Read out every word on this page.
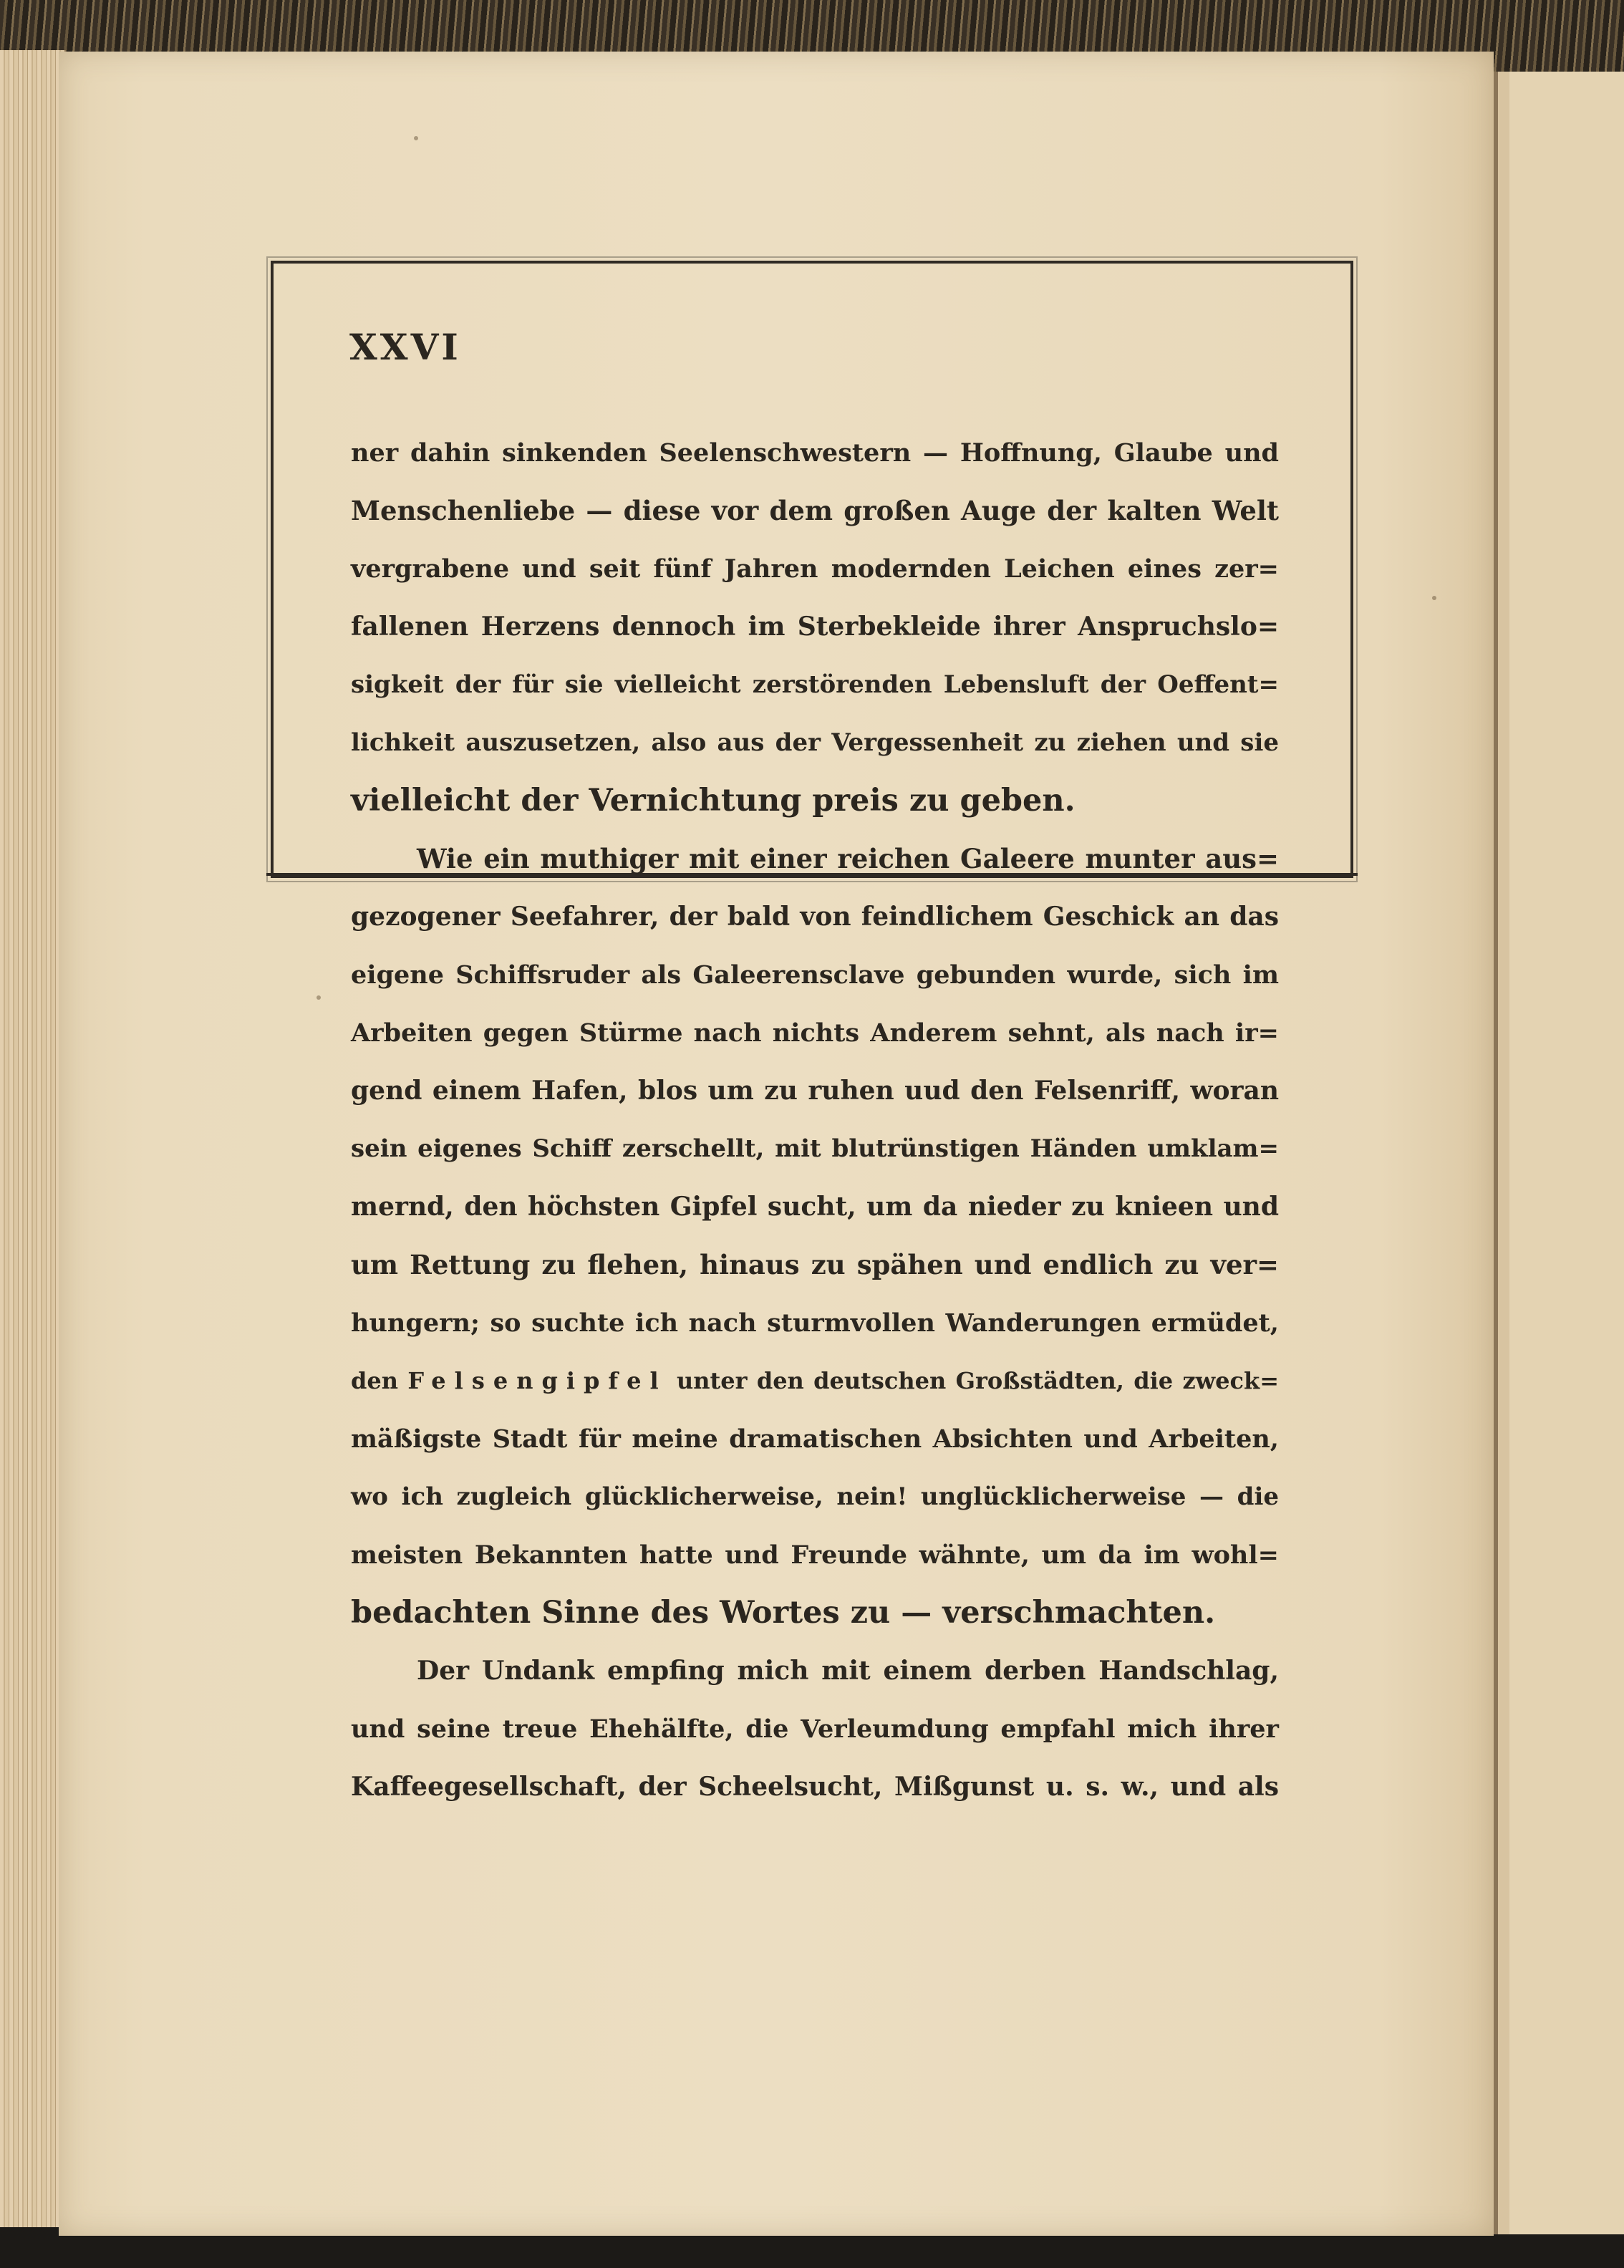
XXVI
ner dahin sinkenden Seelenschwestern — Hoffnung, Glaube und
Menschenliebe — diese vor dem großen Auge der kalten Welt
vergrabene und seit fünf Jahren modernden Leichen eines zer=
fallenen Herzens dennoch im Sterbekleide ihrer Anspruchslo=
sigkeit der für sie vielleicht zerstörenden Lebensluft der Oeffent=
lichkeit auszusetzen, also aus der Vergessenheit zu ziehen und sie
vielleicht der Vernichtung preis zu geben.
Wie ein muthiger mit einer reichen Galeere munter aus=
gezogener Seefahrer, der bald von feindlichem Geschick an das
eigene Schiffsruder als Galeerensclave gebunden wurde, sich im
Arbeiten gegen Stürme nach nichts Anderem sehnt, als nach ir=
gend einem Hafen, blos um zu ruhen uud den Felsenriff, woran
sein eigenes Schiff zerschellt, mit blutrünstigen Händen umklam=
mernd, den höchsten Gipfel sucht, um da nieder zu knieen und
um Rettung zu flehen, hinaus zu spähen und endlich zu ver=
hungern; so suchte ich nach sturmvollen Wanderungen ermüdet,
den Felsengipfel unter den deutschen Großstädten, die zweck=
mäßigste Stadt für meine dramatischen Absichten und Arbeiten,
wo ich zugleich glücklicherweise, nein! unglücklicherweise — die
meisten Bekannten hatte und Freunde wähnte, um da im wohl=
bedachten Sinne des Wortes zu — verschmachten.
Der Undank empfing mich mit einem derben Handschlag,
und seine treue Ehehälfte, die Verleumdung empfahl mich ihrer
Kaffeegesellschaft, der Scheelsucht, Mißgunst u. s. w., und als
